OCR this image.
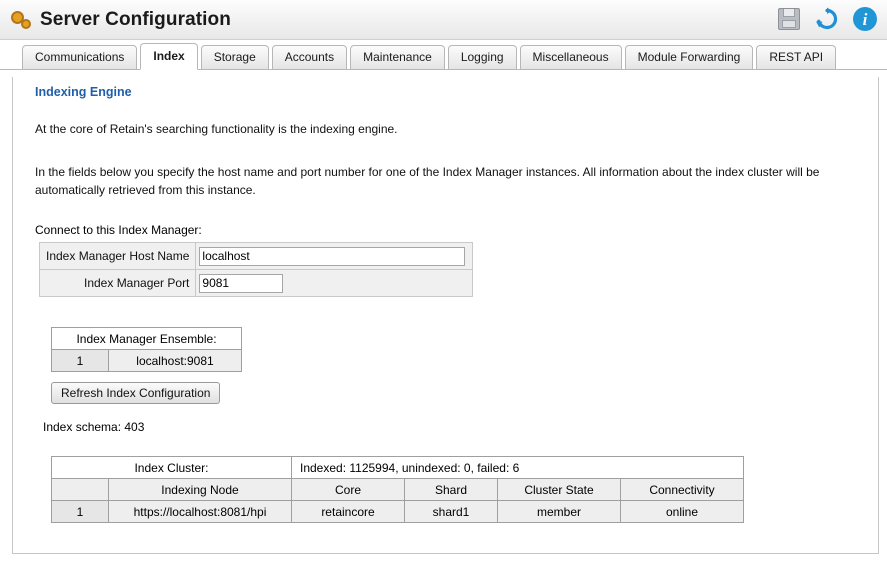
Server Configuration	i
Communications	Index	Storage	Accounts	Maintenance	Logging	Miscellaneous	Module Forwarding	REST API
Indexing Engine
At the core of Retain's searching functionality is the indexing engine.
In the fields below you specify the host name and port number for one of the Index Manager instances. All information about the index cluster will be automatically retrieved from this instance.
Connect to this Index Manager:
Index Manager Host Name	localhost
Index Manager Port	9081
Index Manager Ensemble:
1	localhost:9081
Refresh Index Configuration
Index schema: 403
Index Cluster:		Indexed: 1125994, unindexed: 0, failed: 6			
	Indexing Node	Core	Shard	Cluster State	Connectivity
1	https://localhost:8081/hpi	retaincore	shard1	member	online
